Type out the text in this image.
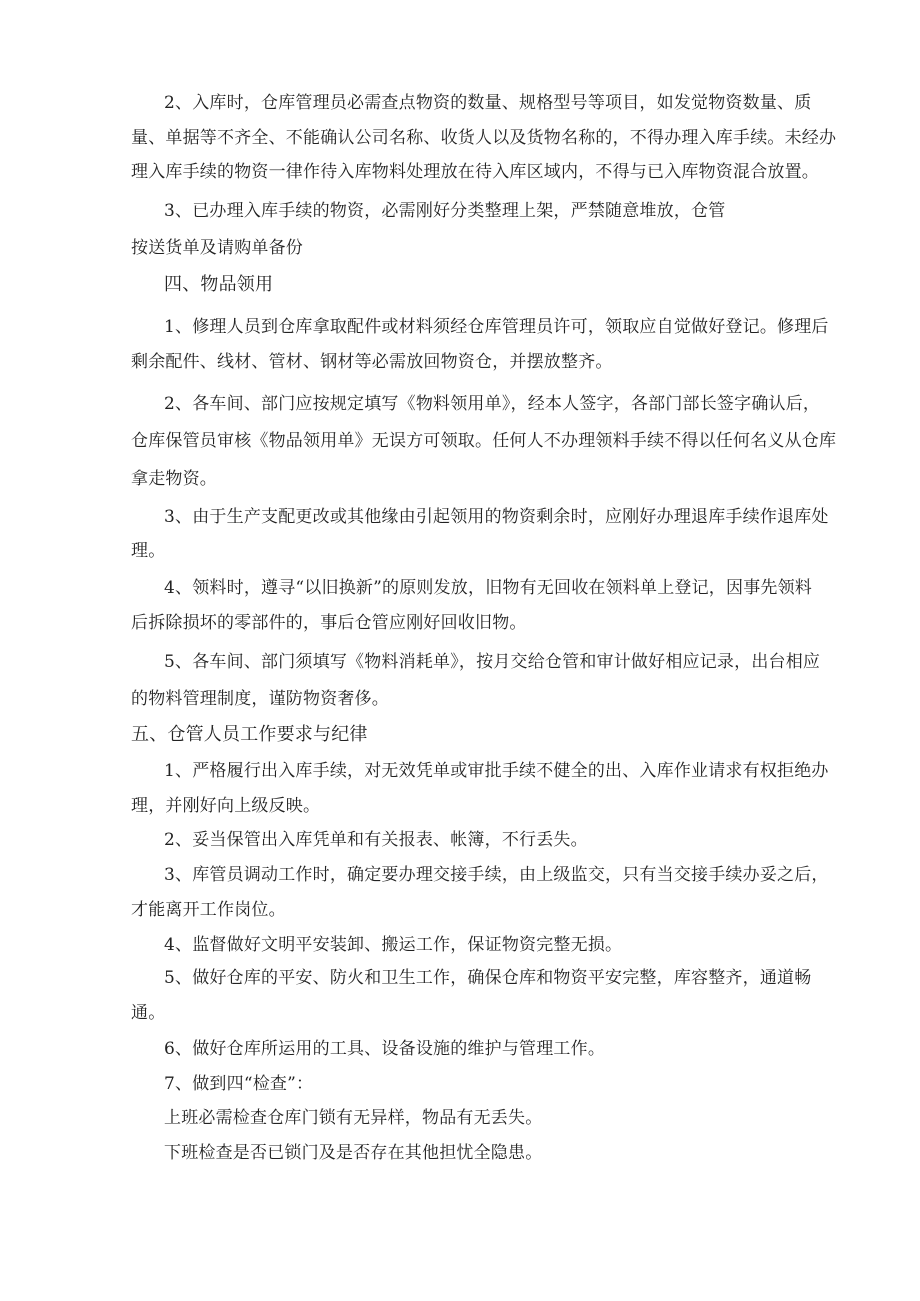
2、入库时，仓库管理员必需查点物资的数量、规格型号等项目，如发觉物资数量、质
量、单据等不齐全、不能确认公司名称、收货人以及货物名称的，不得办理入库手续。未经办
理入库手续的物资一律作待入库物料处理放在待入库区域内，不得与已入库物资混合放置。
3、已办理入库手续的物资，必需刚好分类整理上架，严禁随意堆放，仓管
按送货单及请购单备份
四、物品领用
1、修理人员到仓库拿取配件或材料须经仓库管理员许可，领取应自觉做好登记。修理后
剩余配件、线材、管材、钢材等必需放回物资仓，并摆放整齐。
2、各车间、部门应按规定填写《物料领用单》，经本人签字，各部门部长签字确认后，
仓库保管员审核《物品领用单》无误方可领取。任何人不办理领料手续不得以任何名义从仓库
拿走物资。
3、由于生产支配更改或其他缘由引起领用的物资剩余时，应刚好办理退库手续作退库处
理。
4、领料时，遵寻“以旧换新”的原则发放，旧物有无回收在领料单上登记，因事先领料
后拆除损坏的零部件的，事后仓管应刚好回收旧物。
5、各车间、部门须填写《物料消耗单》，按月交给仓管和审计做好相应记录，出台相应
的物料管理制度，谨防物资奢侈。
五、仓管人员工作要求与纪律
1、严格履行出入库手续，对无效凭单或审批手续不健全的出、入库作业请求有权拒绝办
理，并刚好向上级反映。
2、妥当保管出入库凭单和有关报表、帐簿，不行丢失。
3、库管员调动工作时，确定要办理交接手续，由上级监交，只有当交接手续办妥之后，
才能离开工作岗位。
4、监督做好文明平安装卸、搬运工作，保证物资完整无损。
5、做好仓库的平安、防火和卫生工作，确保仓库和物资平安完整，库容整齐，通道畅
通。
6、做好仓库所运用的工具、设备设施的维护与管理工作。
7、做到四“检查”：
上班必需检查仓库门锁有无异样，物品有无丢失。
下班检查是否已锁门及是否存在其他担忧全隐患。
